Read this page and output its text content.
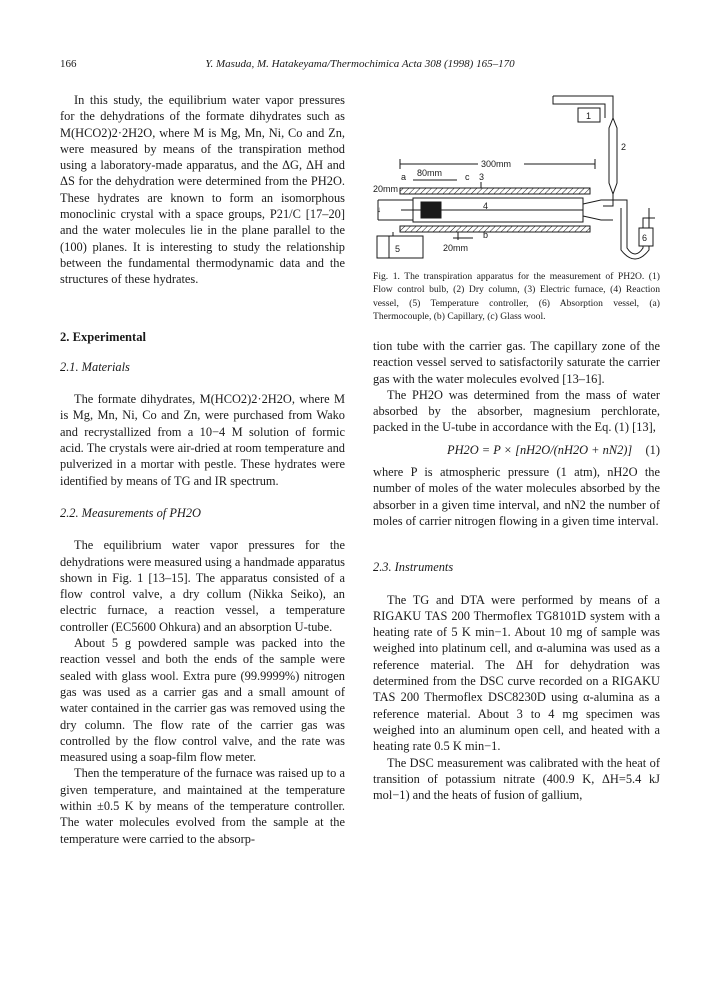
166	Y. Masuda, M. Hatakeyama/Thermochimica Acta 308 (1998) 165–170

In this study, the equilibrium water vapor pressures for the dehydrations of the formate dihydrates such as M(HCO2)2·2H2O, where M is Mg, Mn, Ni, Co and Zn, were measured by means of the transpiration method using a laboratory-made apparatus, and the ΔG, ΔH and ΔS for the dehydration were determined from the PH2O. These hydrates are known to form an isomorphous monoclinic crystal with a space groups, P21/C [17–20] and the water molecules lie in the plane parallel to the (100) planes. It is interesting to study the relationship between the fundamental thermodynamic data and the structures of these hydrates.

2. Experimental
2.1. Materials

The formate dihydrates, M(HCO2)2·2H2O, where M is Mg, Mn, Ni, Co and Zn, were purchased from Wako and recrystallized from a 10−4 M solution of formic acid. The crystals were air-dried at room temperature and pulverized in a mortar with pestle. These hydrates were identified by means of TG and IR spectrum.

2.2. Measurements of PH2O

The equilibrium water vapor pressures for the dehydrations were measured using a handmade apparatus shown in Fig. 1 [13–15]. The apparatus consisted of a flow control valve, a dry collum (Nikka Seiko), an electric furnace, a reaction vessel, a temperature controller (EC5600 Ohkura) and an absorption U-tube.

About 5 g powdered sample was packed into the reaction vessel and both the ends of the sample were sealed with glass wool. Extra pure (99.9999%) nitrogen gas was used as a carrier gas and a small amount of water contained in the carrier gas was removed using the dry column. The flow rate of the carrier gas was controlled by the flow control valve, and the rate was measured using a soap-film flow meter.

Then the temperature of the furnace was raised up to a given temperature, and maintained at the temperature within ±0.5 K by means of the temperature controller. The water molecules evolved from the sample at the temperature were carried to the absorp-

1
2
300mm
a 80mm	c 3
20mm
4
↓
b
20mm
5
6
Fig. 1. The transpiration apparatus for the measurement of PH2O. (1) Flow control bulb, (2) Dry column, (3) Electric furnace, (4) Reaction vessel, (5) Temperature controller, (6) Absorption vessel, (a) Thermocouple, (b) Capillary, (c) Glass wool.

tion tube with the carrier gas. The capillary zone of the reaction vessel served to satisfactorily saturate the carrier gas with the water molecules evolved [13–16].

The PH2O was determined from the mass of water absorbed by the absorber, magnesium perchlorate, packed in the U-tube in accordance with the Eq. (1) [13],

PH2O = P × [nH2O/(nH2O + nN2)] (1)

where P is atmospheric pressure (1 atm), nH2O the number of moles of the water molecules absorbed by the absorber in a given time interval, and nN2 the number of moles of carrier nitrogen flowing in a given time interval.

2.3. Instruments

The TG and DTA were performed by means of a RIGAKU TAS 200 Thermoflex TG8101D system with a heating rate of 5 K min−1. About 10 mg of sample was weighed into platinum cell, and α-alumina was used as a reference material. The ΔH for dehydration was determined from the DSC curve recorded on a RIGAKU TAS 200 Thermoflex DSC8230D using α-alumina as a reference material. About 3 to 4 mg specimen was weighed into an aluminum open cell, and heated with a heating rate 0.5 K min−1.

The DSC measurement was calibrated with the heat of transition of potassium nitrate (400.9 K, ΔH=5.4 kJ mol−1) and the heats of fusion of gallium,
